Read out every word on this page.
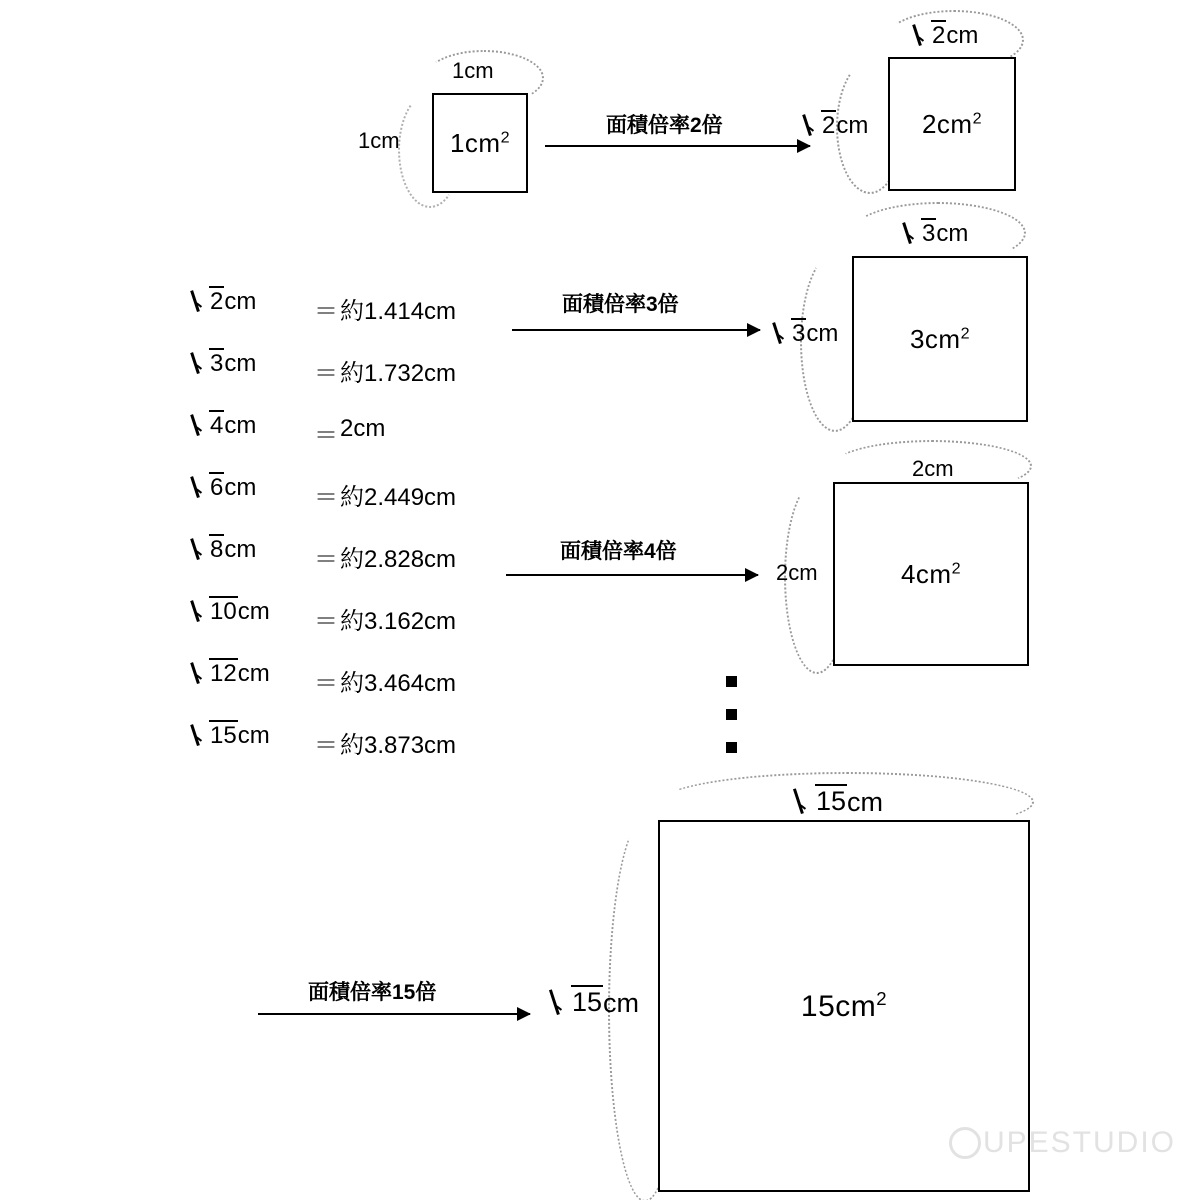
1cm
1cm $1cm^2$	面積倍率2倍
2 cm
2 cm $2cm^2$
3 cm
3 cm	$3cm^2$
面積倍率3倍
2cm
2cm	$4cm^2$
面積倍率4倍
15 cm
15 cm	$15cm^2$
面積倍率15倍
2 cm ＝ 約1.414cm
3 cm ＝ 約1.732cm
4 cm ＝ 2cm
6 cm ＝ 約2.449cm
8 cm ＝ 約2.828cm
10 cm ＝ 約3.162cm
12 cm ＝ 約3.464cm
15 cm ＝ 約3.873cm
UPESTUDIO
